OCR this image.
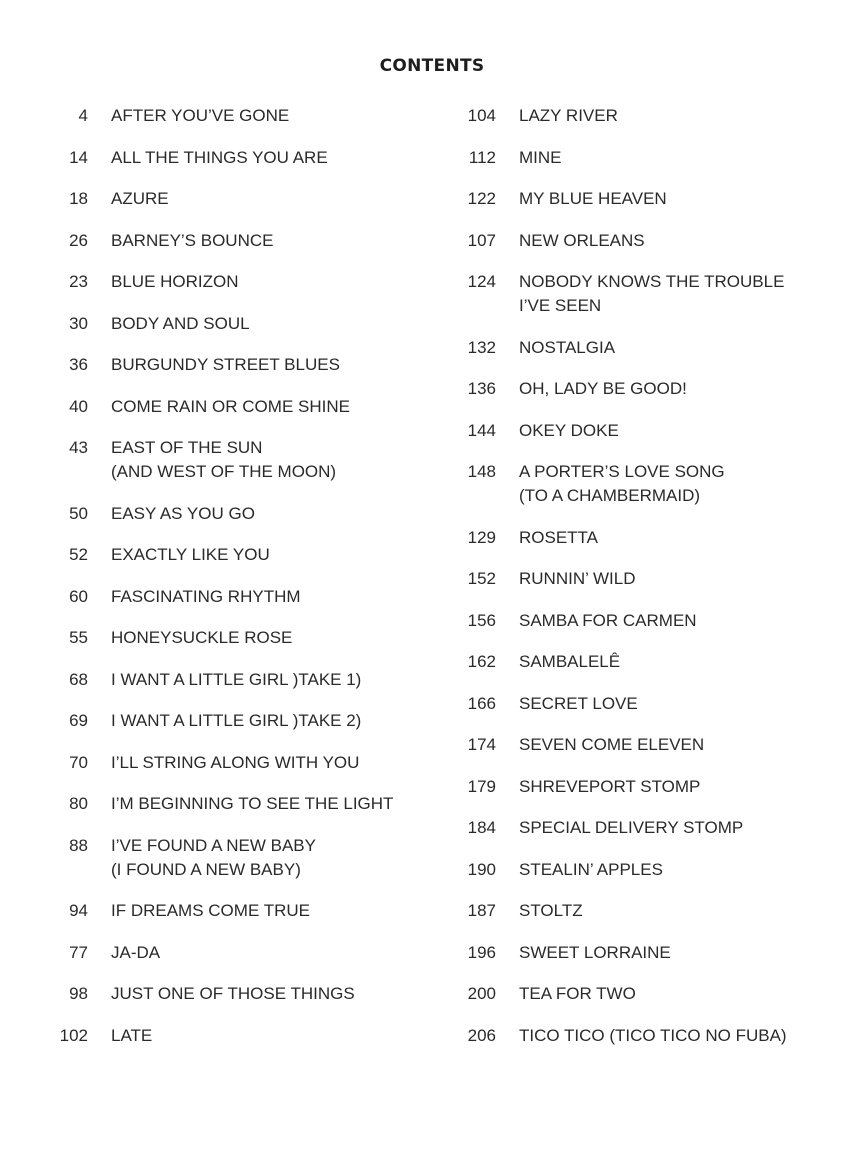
CONTENTS
4 AFTER YOU’VE GONE
14 ALL THE THINGS YOU ARE
18 AZURE
26 BARNEY’S BOUNCE
23 BLUE HORIZON
30 BODY AND SOUL
36 BURGUNDY STREET BLUES
40 COME RAIN OR COME SHINE
43 EAST OF THE SUN
(AND WEST OF THE MOON)
50 EASY AS YOU GO
52 EXACTLY LIKE YOU
60 FASCINATING RHYTHM
55 HONEYSUCKLE ROSE
68 I WANT A LITTLE GIRL )TAKE 1)
69 I WANT A LITTLE GIRL )TAKE 2)
70 I’LL STRING ALONG WITH YOU
80 I’M BEGINNING TO SEE THE LIGHT
88 I’VE FOUND A NEW BABY
(I FOUND A NEW BABY)
94 IF DREAMS COME TRUE
77 JA-DA
98 JUST ONE OF THOSE THINGS
102 LATE
104 LAZY RIVER
112 MINE
122 MY BLUE HEAVEN
107 NEW ORLEANS
124 NOBODY KNOWS THE TROUBLE
I’VE SEEN
132 NOSTALGIA
136 OH, LADY BE GOOD!
144 OKEY DOKE
148 A PORTER’S LOVE SONG
(TO A CHAMBERMAID)
129 ROSETTA
152 RUNNIN’ WILD
156 SAMBA FOR CARMEN
162 SAMBALELÊ
166 SECRET LOVE
174 SEVEN COME ELEVEN
179 SHREVEPORT STOMP
184 SPECIAL DELIVERY STOMP
190 STEALIN’ APPLES
187 STOLTZ
196 SWEET LORRAINE
200 TEA FOR TWO
206 TICO TICO (TICO TICO NO FUBA)
